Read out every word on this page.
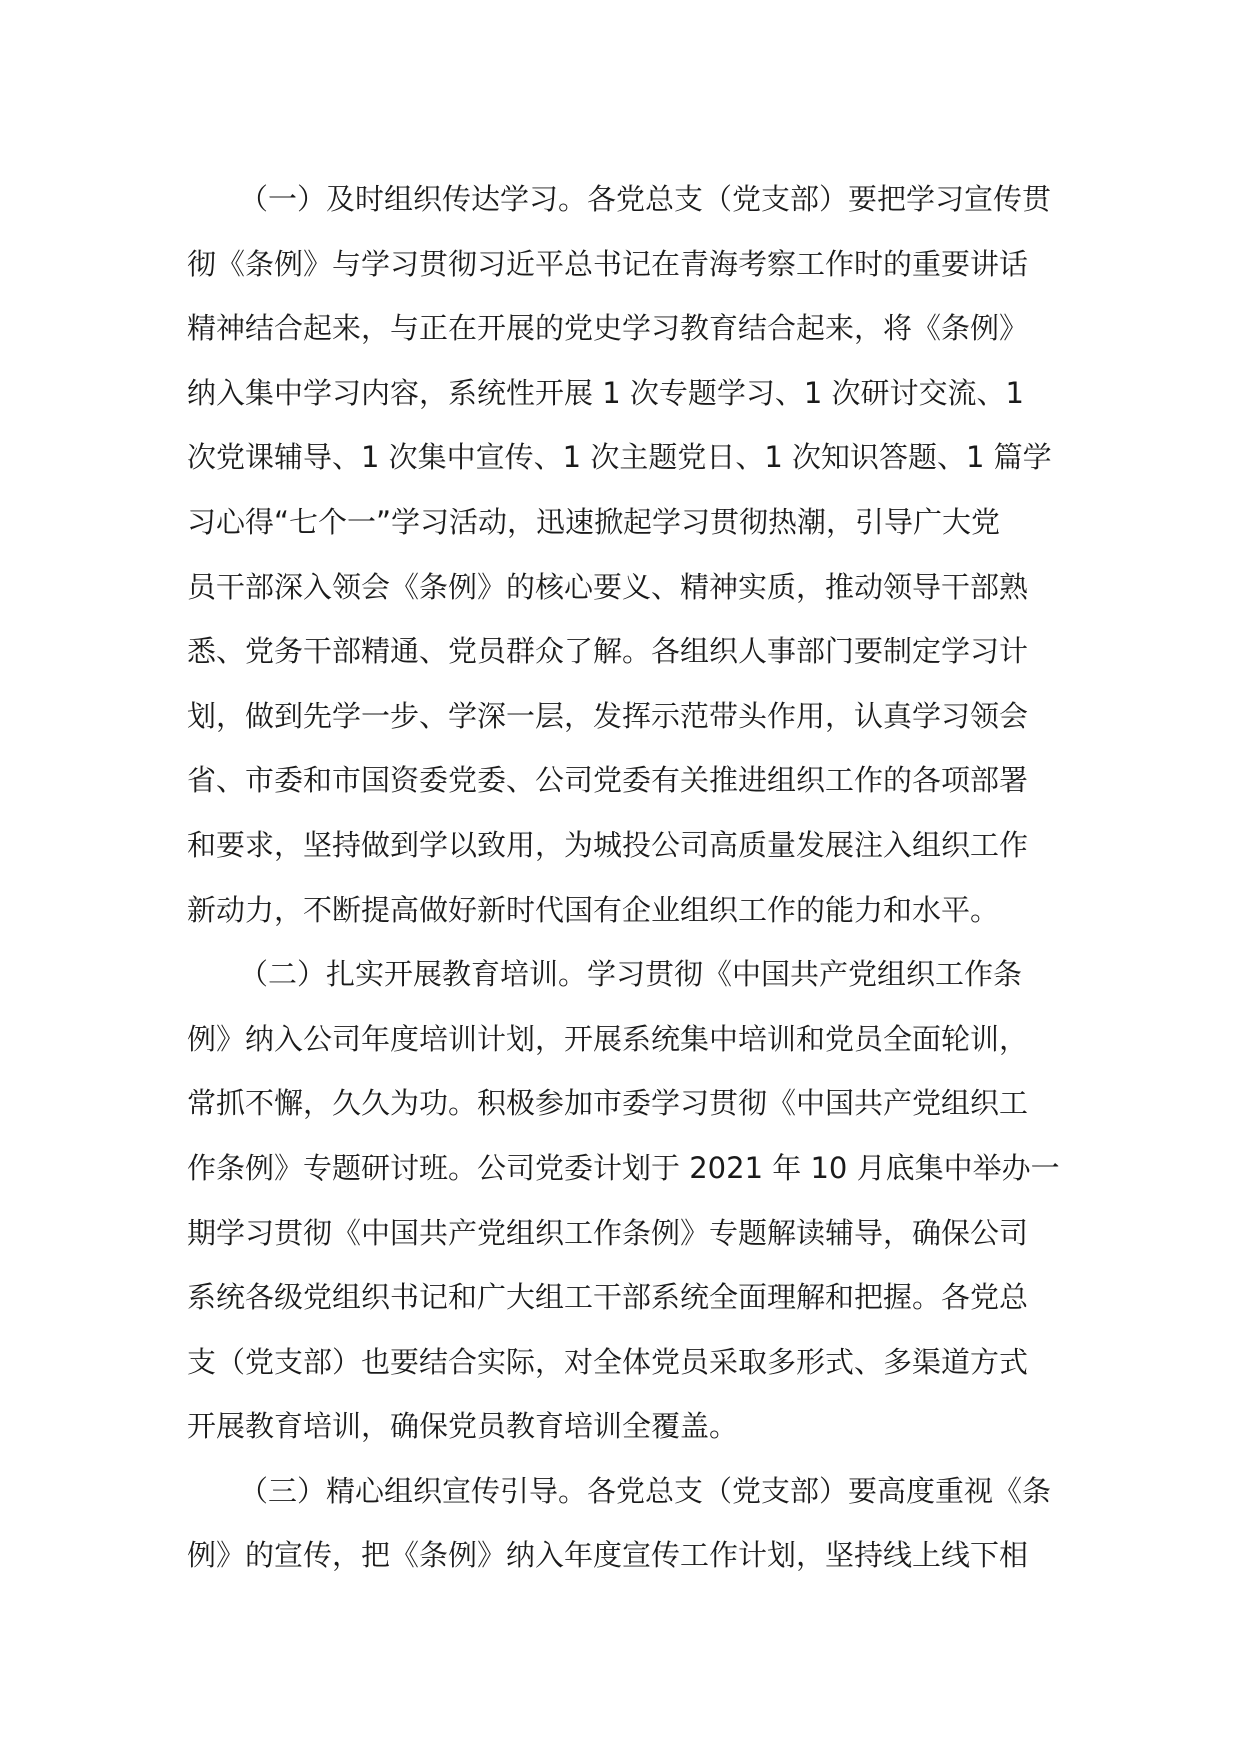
（一）及时组织传达学习。各党总支（党支部）要把学习宣传贯
彻《条例》与学习贯彻习近平总书记在青海考察工作时的重要讲话
精神结合起来，与正在开展的党史学习教育结合起来，将《条例》
纳入集中学习内容，系统性开展 1 次专题学习、1 次研讨交流、1
次党课辅导、1 次集中宣传、1 次主题党日、1 次知识答题、1 篇学
习心得“七个一”学习活动，迅速掀起学习贯彻热潮，引导广大党
员干部深入领会《条例》的核心要义、精神实质，推动领导干部熟
悉、党务干部精通、党员群众了解。各组织人事部门要制定学习计
划，做到先学一步、学深一层，发挥示范带头作用，认真学习领会
省、市委和市国资委党委、公司党委有关推进组织工作的各项部署
和要求，坚持做到学以致用，为城投公司高质量发展注入组织工作
新动力，不断提高做好新时代国有企业组织工作的能力和水平。
（二）扎实开展教育培训。学习贯彻《中国共产党组织工作条
例》纳入公司年度培训计划，开展系统集中培训和党员全面轮训，
常抓不懈，久久为功。积极参加市委学习贯彻《中国共产党组织工
作条例》专题研讨班。公司党委计划于 2021 年 10 月底集中举办一
期学习贯彻《中国共产党组织工作条例》专题解读辅导，确保公司
系统各级党组织书记和广大组工干部系统全面理解和把握。各党总
支（党支部）也要结合实际，对全体党员采取多形式、多渠道方式
开展教育培训，确保党员教育培训全覆盖。
（三）精心组织宣传引导。各党总支（党支部）要高度重视《条
例》的宣传，把《条例》纳入年度宣传工作计划，坚持线上线下相
